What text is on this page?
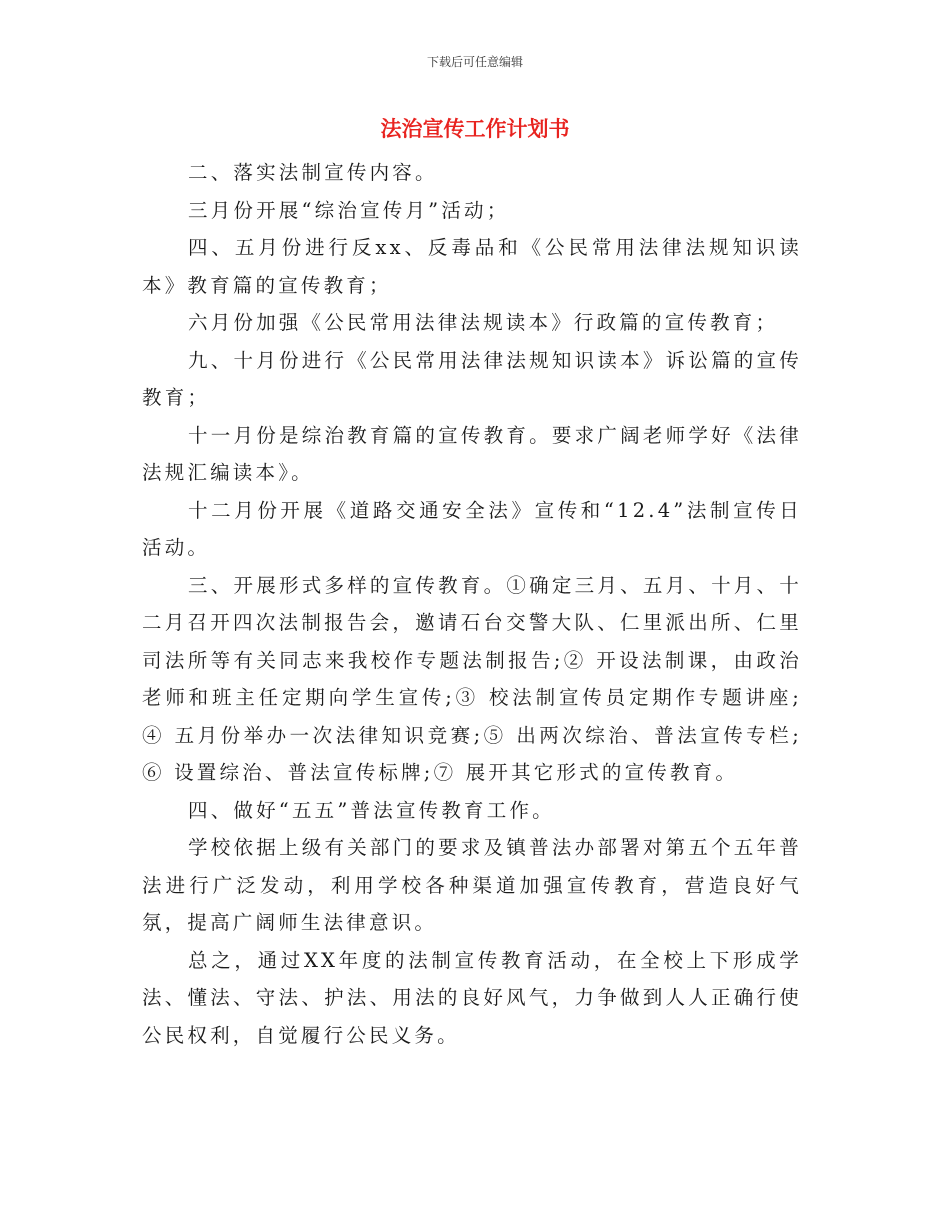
下载后可任意编辑
法治宣传工作计划书

二、落实法制宣传内容。

三月份开展“综治宣传月”活动；

四、五月份进行反xx、反毒品和《公民常用法律法规知识读本》教育篇的宣传教育；

六月份加强《公民常用法律法规读本》行政篇的宣传教育；

九、十月份进行《公民常用法律法规知识读本》诉讼篇的宣传教育；

十一月份是综治教育篇的宣传教育。要求广阔老师学好《法律法规汇编读本》。

十二月份开展《道路交通安全法》宣传和“12.4”法制宣传日活动。

三、开展形式多样的宣传教育。①确定三月、五月、十月、十二月召开四次法制报告会，邀请石台交警大队、仁里派出所、仁里司法所等有关同志来我校作专题法制报告;② 开设法制课，由政治老师和班主任定期向学生宣传;③ 校法制宣传员定期作专题讲座;④ 五月份举办一次法律知识竞赛;⑤ 出两次综治、普法宣传专栏;⑥ 设置综治、普法宣传标牌;⑦ 展开其它形式的宣传教育。

四、做好“五五”普法宣传教育工作。

学校依据上级有关部门的要求及镇普法办部署对第五个五年普法进行广泛发动，利用学校各种渠道加强宣传教育，营造良好气氛，提高广阔师生法律意识。

总之，通过XX年度的法制宣传教育活动，在全校上下形成学法、懂法、守法、护法、用法的良好风气，力争做到人人正确行使公民权利，自觉履行公民义务。
